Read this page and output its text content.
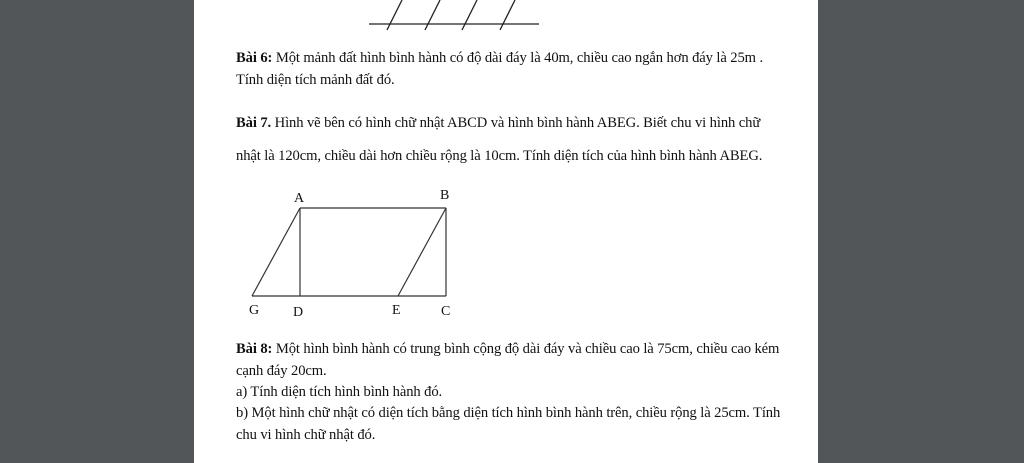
A	B
G D	E	C
Bài 6: Một mảnh đất hình bình hành có độ dài đáy là 40m, chiều cao ngắn hơn đáy là 25m .
Tính diện tích mảnh đất đó.
Bài 7. Hình vẽ bên có hình chữ nhật ABCD và hình bình hành ABEG. Biết chu vi hình chữ
nhật là 120cm, chiều dài hơn chiều rộng là 10cm. Tính diện tích của hình bình hành ABEG.
Bài 8: Một hình bình hành có trung bình cộng độ dài đáy và chiều cao là 75cm, chiều cao kém
cạnh đáy 20cm.
a) Tính diện tích hình bình hành đó.
b) Một hình chữ nhật có diện tích bằng diện tích hình bình hành trên, chiều rộng là 25cm. Tính
chu vi hình chữ nhật đó.
